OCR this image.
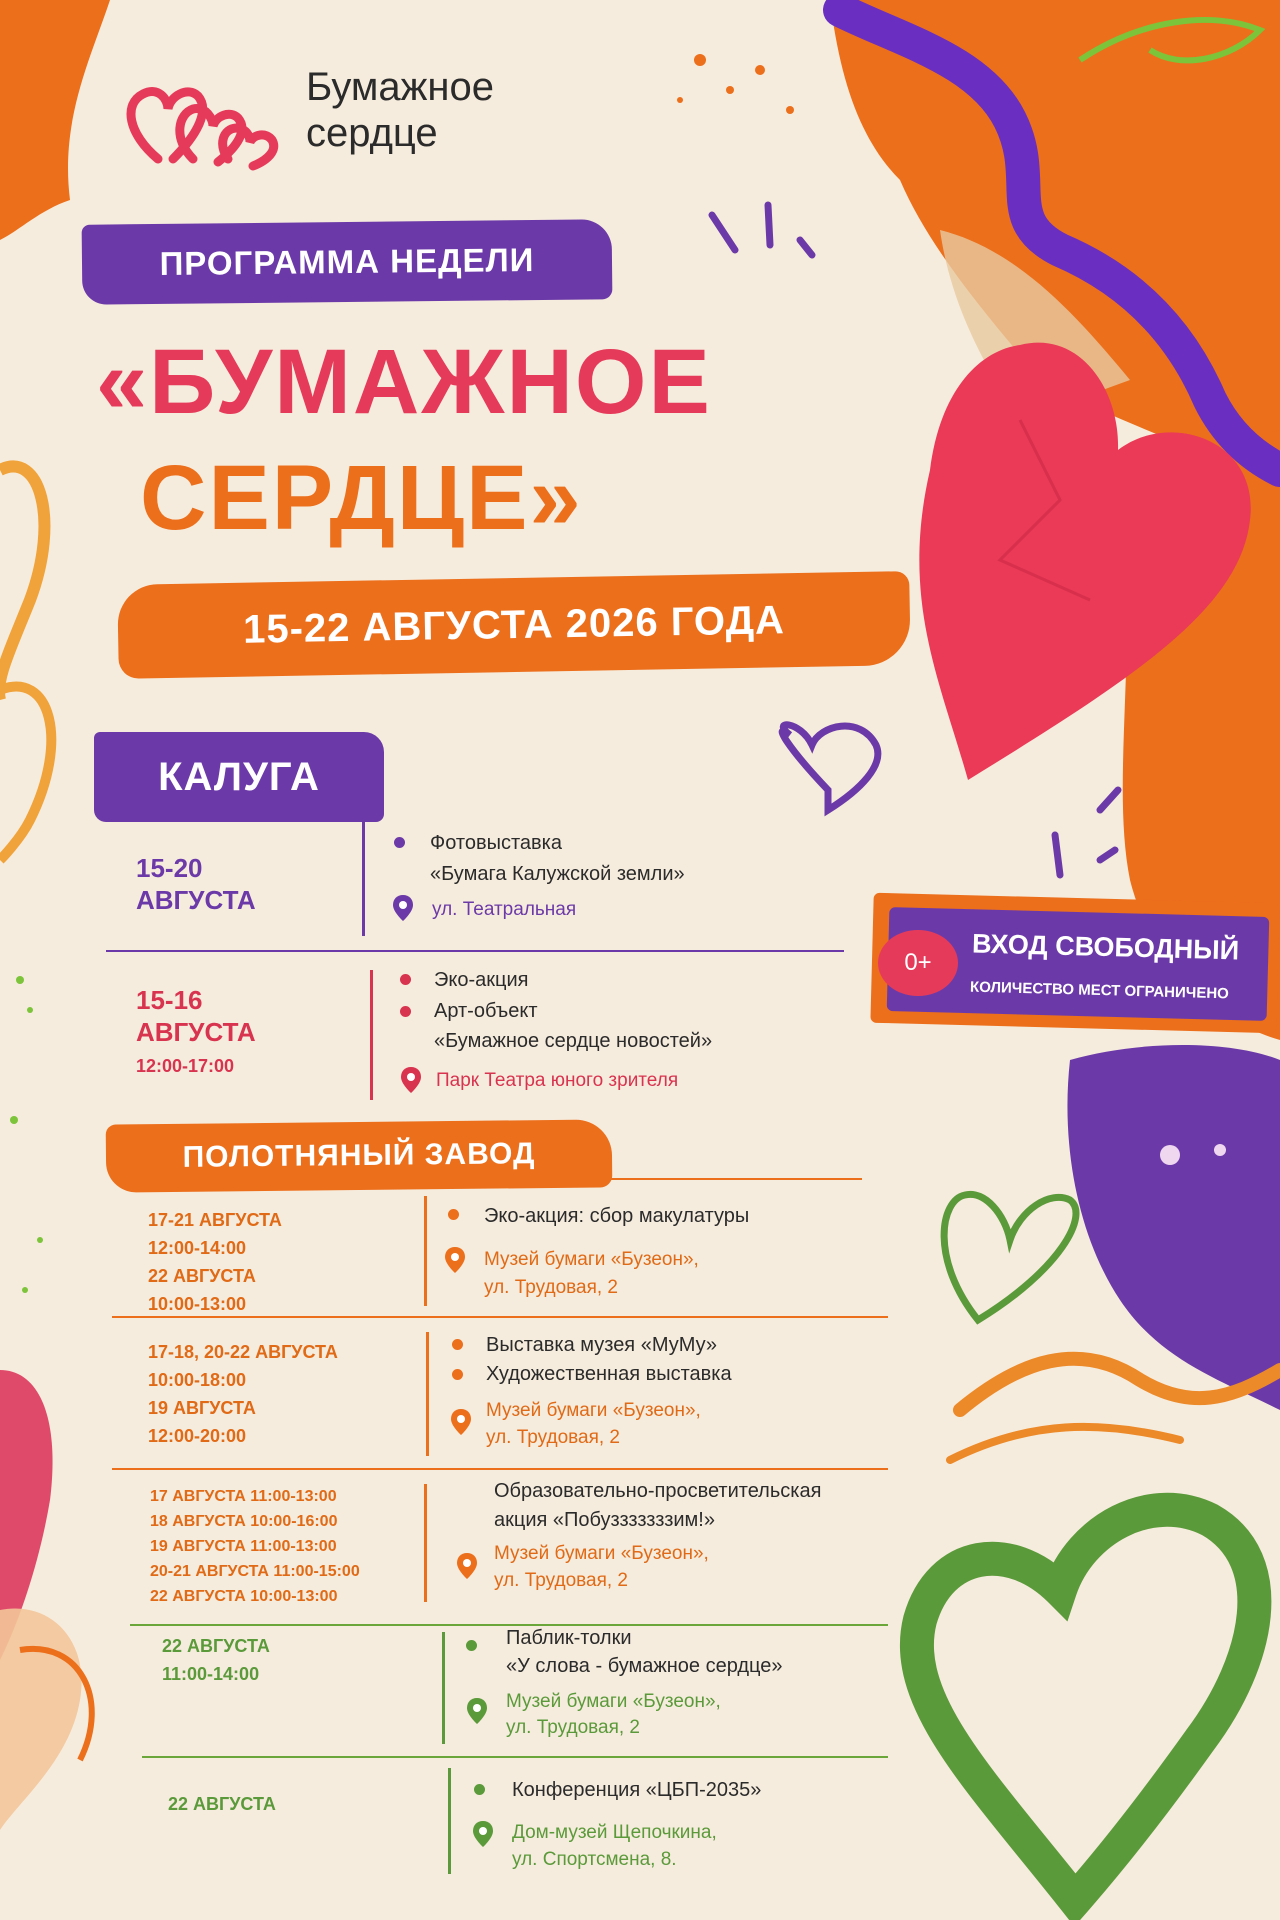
Бумажное
сердце
ПРОГРАММА НЕДЕЛИ
«БУМАЖНОЕ
СЕРДЦЕ»
15-22 АВГУСТА 2026 ГОДА
0+	ВХОД СВОБОДНЫЙ
КОЛИЧЕСТВО МЕСТ ОГРАНИЧЕНО
КАЛУГА
15-20
АВГУСТА
Фотовыставка
«Бумага Калужской земли»
ул. Театральная
15-16
АВГУСТА
12:00-17:00
Эко-акция
Арт-объект
«Бумажное сердце новостей»
Парк Театра юного зрителя
ПОЛОТНЯНЫЙ ЗАВОД
17-21 АВГУСТА
12:00-14:00
22 АВГУСТА
10:00-13:00
Эко-акция: сбор макулатуры
Музей бумаги «Бузеон»,
ул. Трудовая, 2
17-18, 20-22 АВГУСТА
10:00-18:00
19 АВГУСТА
12:00-20:00
Выставка музея «МуМу»
Художественная выставка
Музей бумаги «Бузеон»,
ул. Трудовая, 2
17 АВГУСТА 11:00-13:00
18 АВГУСТА 10:00-16:00
19 АВГУСТА 11:00-13:00
20-21 АВГУСТА 11:00-15:00
22 АВГУСТА 10:00-13:00
Образовательно-просветительская
акция «Побузззззззим!»
Музей бумаги «Бузеон»,
ул. Трудовая, 2
22 АВГУСТА
11:00-14:00
Паблик-толки
«У слова - бумажное сердце»
Музей бумаги «Бузеон»,
ул. Трудовая, 2
22 АВГУСТА
Конференция «ЦБП-2035»
Дом-музей Щепочкина,
ул. Спортсмена, 8.
